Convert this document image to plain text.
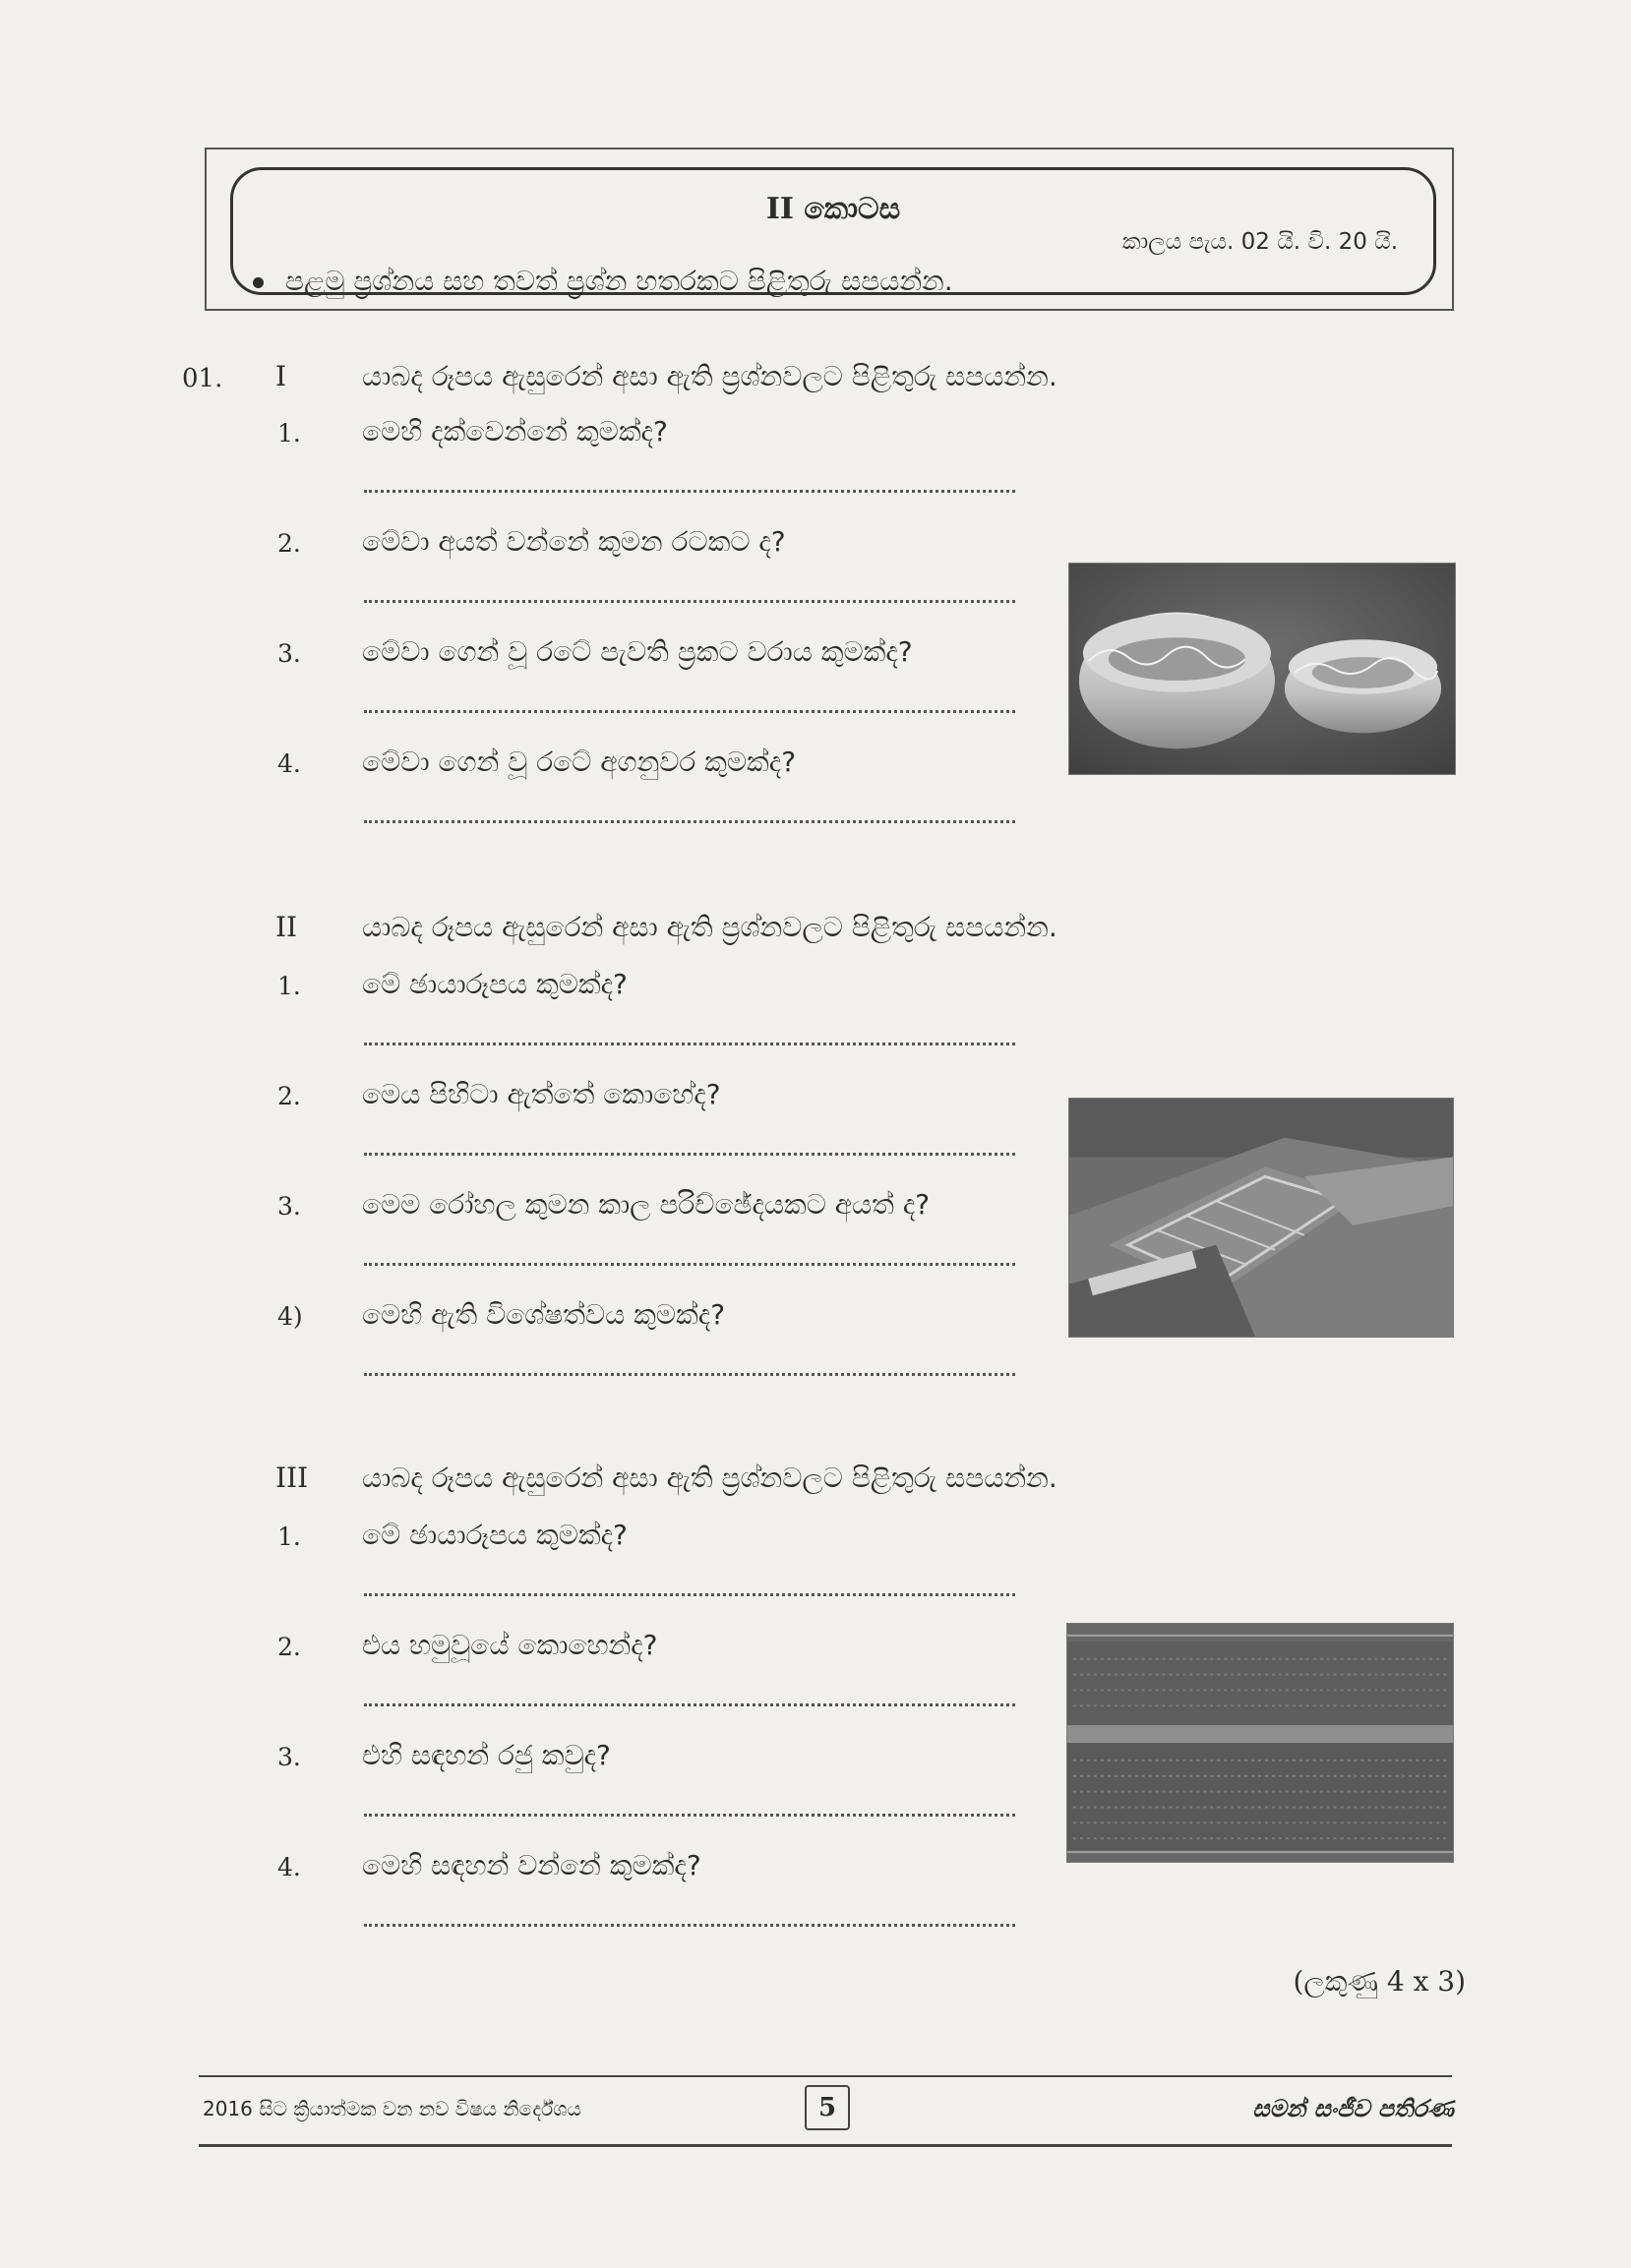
II කොටස
කාලය පැය. 02 යි. වි. 20 යි.
පළමු ප්‍රශ්නය සහ තවත් ප්‍රශ්න හතරකට පිළිතුරු සපයන්න.
01. I	යාබද රූපය ඇසුරෙන් අසා ඇති ප්‍රශ්නවලට පිළිතුරු සපයන්න.
1. මෙහි දක්වෙන්නේ කුමක්ද?
2. මේවා අයත් වන්නේ කුමන රටකට ද?
3. මේවා ගෙන් වූ රටේ පැවති ප්‍රකට වරාය කුමක්ද?
4. මේවා ගෙන් වූ රටේ අගනුවර කුමක්ද?
II යාබද රූපය ඇසුරෙන් අසා ඇති ප්‍රශ්නවලට පිළිතුරු සපයන්න.
1. මේ ඡායාරූපය කුමක්ද?
2. මෙය පිහිටා ඇත්තේ කොහේද?
3. මෙම රෝහල කුමන කාල පරිච්ඡේදයකට අයත් ද?
4) මෙහි ඇති විශේෂත්වය කුමක්ද?
III යාබද රූපය ඇසුරෙන් අසා ඇති ප්‍රශ්නවලට පිළිතුරු සපයන්න.
1. මේ ඡායාරූපය කුමක්ද?
2. එය හමුවූයේ කොහෙන්ද?
3. එහි සඳහන් රජු කවුද?
4. මෙහි සඳහන් වන්නේ කුමක්ද?
(ලකුණු 4 x 3)
2016 සිට ක්‍රියාත්මක වන නව විෂය නිර්දේශය	5	සමන් සංජීව පතිරණ
